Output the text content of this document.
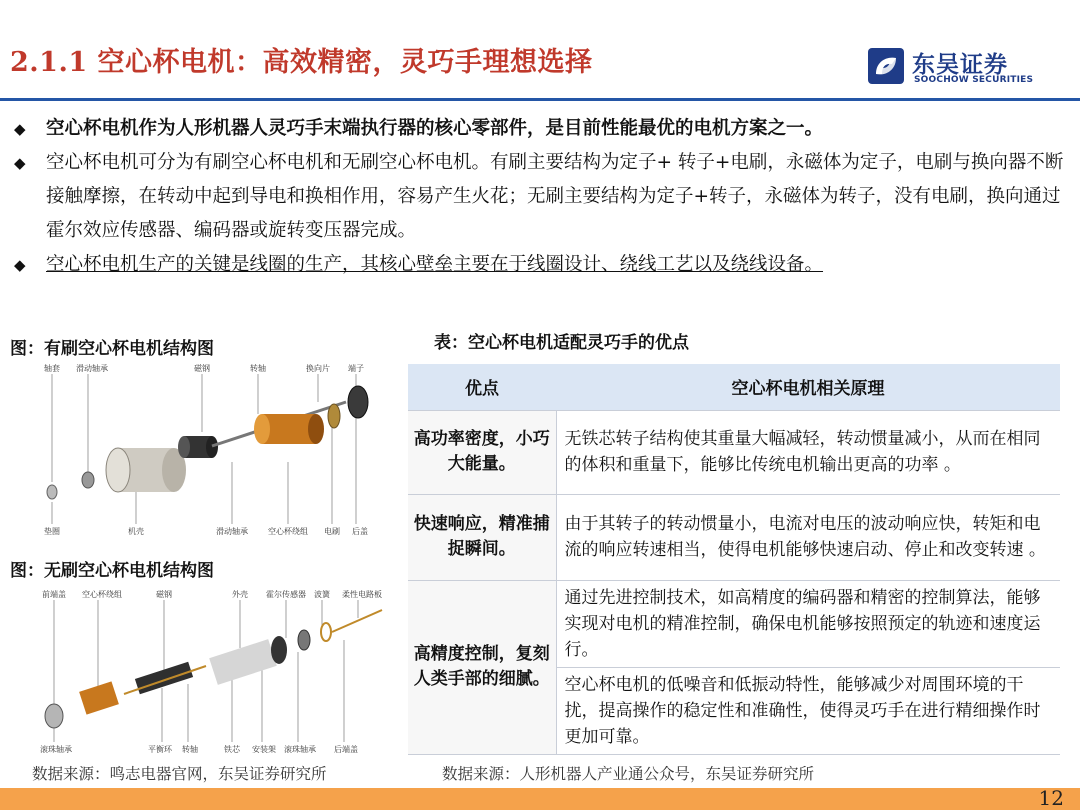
2.1.1 空心杯电机：高效精密，灵巧手理想选择	东吴证券
SOOCHOW SECURITIES
◆ 空心杯电机作为人形机器人灵巧手末端执行器的核心零部件，是目前性能最优的电机方案之一。
◆ 空心杯电机可分为有刷空心杯电机和无刷空心杯电机。有刷主要结构为定子+ 转子+电刷，永磁体为定子，电刷与换向器不断接触摩擦，在转动中起到导电和换相作用，容易产生火花；无刷主要结构为定子+转子，永磁体为转子，没有电刷，换向通过霍尔效应传感器、编码器或旋转变压器完成。
◆ 空心杯电机生产的关键是线圈的生产，其核心壁垒主要在于线圈设计、绕线工艺以及绕线设备。
图：有刷空心杯电机结构图
轴套 滑动轴承	磁钢	转轴	换向片 端子
垫圈	机壳	滑动轴承	空心杯绕组 电刷 后盖
图：无刷空心杯电机结构图
前端盖 空心杯绕组	磁钢	外壳 霍尔传感器 波簧 柔性电路板
滚珠轴承	平衡环 转轴	铁芯 安装架 滚珠轴承 后端盖
表：空心杯电机适配灵巧手的优点
优点	空心杯电机相关原理
高功率密度，小巧大能量。	无铁芯转子结构使其重量大幅减轻，转动惯量减小，从而在相同的体积和重量下，能够比传统电机输出更高的功率 。
快速响应，精准捕捉瞬间。	由于其转子的转动惯量小，电流对电压的波动响应快，转矩和电流的响应转速相当，使得电机能够快速启动、停止和改变转速 。
高精度控制，复刻人类手部的细腻。	通过先进控制技术，如高精度的编码器和精密的控制算法，能够实现对电机的精准控制，确保电机能够按照预定的轨迹和速度运行。
	空心杯电机的低噪音和低振动特性，能够减少对周围环境的干扰，提高操作的稳定性和准确性，使得灵巧手在进行精细操作时更加可靠。
数据来源：鸣志电器官网，东吴证券研究所	数据来源：人形机器人产业通公众号，东吴证券研究所
12
